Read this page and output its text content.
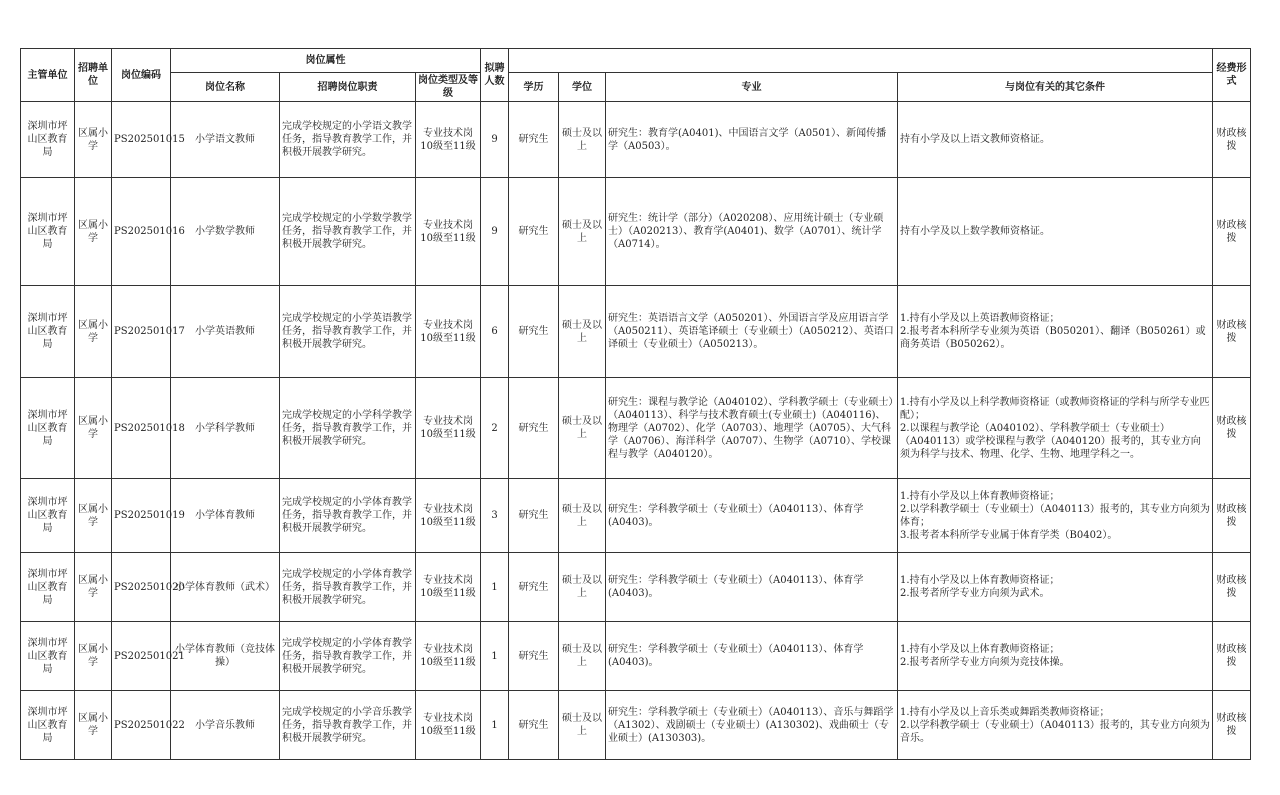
主管单位	招聘单位	岗位编码	岗位属性			拟聘人数					经费形式
			岗位名称	招聘岗位职责	岗位类型及等级		学历	学位	专业	与岗位有关的其它条件	
深圳市坪山区教育局	区属小学	PS202501015	小学语文教师	完成学校规定的小学语文教学任务，指导教育教学工作，并积极开展教学研究。	专业技术岗10级至11级	9	研究生	硕士及以上	研究生：教育学(A0401)、中国语言文学（A0501）、新闻传播学（A0503）。	持有小学及以上语文教师资格证。	财政核拨
深圳市坪山区教育局	区属小学	PS202501016	小学数学教师	完成学校规定的小学数学教学任务，指导教育教学工作，并积极开展教学研究。	专业技术岗10级至11级	9	研究生	硕士及以上	研究生：统计学（部分）（A020208）、应用统计硕士（专业硕士）（A020213）、教育学(A0401)、数学（A0701）、统计学（A0714）。	持有小学及以上数学教师资格证。	财政核拨
深圳市坪山区教育局	区属小学	PS202501017	小学英语教师	完成学校规定的小学英语教学任务，指导教育教学工作，并积极开展教学研究。	专业技术岗10级至11级	6	研究生	硕士及以上	研究生：英语语言文学（A050201）、外国语言学及应用语言学（A050211）、英语笔译硕士（专业硕士）（A050212）、英语口译硕士（专业硕士）（A050213）。	1.持有小学及以上英语教师资格证；
2.报考者本科所学专业须为英语（B050201）、翻译（B050261）或商务英语（B050262）。	财政核拨
深圳市坪山区教育局	区属小学	PS202501018	小学科学教师	完成学校规定的小学科学教学任务，指导教育教学工作，并积极开展教学研究。	专业技术岗10级至11级	2	研究生	硕士及以上	研究生：课程与教学论（A040102）、学科教学硕士（专业硕士）（A040113）、科学与技术教育硕士(专业硕士)（A040116)、物理学（A0702）、化学（A0703）、地理学（A0705）、大气科学（A0706）、海洋科学（A0707）、生物学（A0710）、学校课程与教学（A040120）。	1.持有小学及以上科学教师资格证（或教师资格证的学科与所学专业匹配）；
2.以课程与教学论（A040102）、学科教学硕士（专业硕士）（A040113）或学校课程与教学（A040120）报考的，其专业方向须为科学与技术、物理、化学、生物、地理学科之一。	财政核拨
深圳市坪山区教育局	区属小学	PS202501019	小学体育教师	完成学校规定的小学体育教学任务，指导教育教学工作，并积极开展教学研究。	专业技术岗10级至11级	3	研究生	硕士及以上	研究生：学科教学硕士（专业硕士）（A040113）、体育学(A0403)。	1.持有小学及以上体育教师资格证；
2.以学科教学硕士（专业硕士）（A040113）报考的，其专业方向须为体育；
3.报考者本科所学专业属于体育学类（B0402）。	财政核拨
深圳市坪山区教育局	区属小学	PS202501020	小学体育教师（武术）	完成学校规定的小学体育教学任务，指导教育教学工作，并积极开展教学研究。	专业技术岗10级至11级	1	研究生	硕士及以上	研究生：学科教学硕士（专业硕士）（A040113）、体育学(A0403)。	1.持有小学及以上体育教师资格证；
2.报考者所学专业方向须为武术。	财政核拨
深圳市坪山区教育局	区属小学	PS202501021	小学体育教师（竞技体操）	完成学校规定的小学体育教学任务，指导教育教学工作，并积极开展教学研究。	专业技术岗10级至11级	1	研究生	硕士及以上	研究生：学科教学硕士（专业硕士）（A040113）、体育学(A0403)。	1.持有小学及以上体育教师资格证；
2.报考者所学专业方向须为竞技体操。	财政核拨
深圳市坪山区教育局	区属小学	PS202501022	小学音乐教师	完成学校规定的小学音乐教学任务，指导教育教学工作，并积极开展教学研究。	专业技术岗10级至11级	1	研究生	硕士及以上	研究生：学科教学硕士（专业硕士）（A040113）、音乐与舞蹈学（A1302）、戏剧硕士（专业硕士）(A130302)、戏曲硕士（专业硕士）(A130303)。	1.持有小学及以上音乐类或舞蹈类教师资格证；
2.以学科教学硕士（专业硕士）（A040113）报考的，其专业方向须为音乐。	财政核拨
